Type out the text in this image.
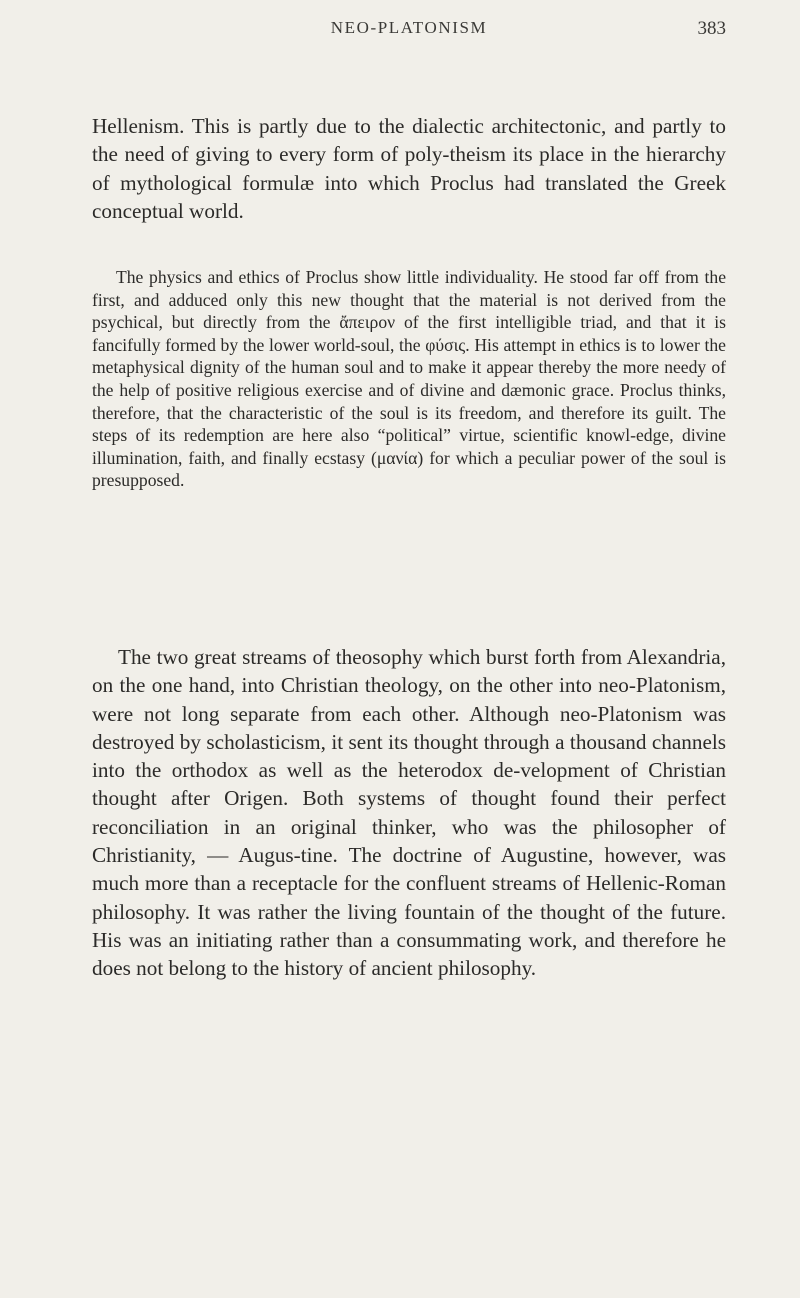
NEO-PLATONISM	383

Hellenism. This is partly due to the dialectic architectonic, and partly to the need of giving to every form of poly-theism its place in the hierarchy of mythological formulæ into which Proclus had translated the Greek conceptual world.

The physics and ethics of Proclus show little individuality. He stood far off from the first, and adduced only this new thought that the material is not derived from the psychical, but directly from the ἄπειρον of the first intelligible triad, and that it is fancifully formed by the lower world-soul, the φύσις. His attempt in ethics is to lower the metaphysical dignity of the human soul and to make it appear thereby the more needy of the help of positive religious exercise and of divine and dæmonic grace. Proclus thinks, therefore, that the characteristic of the soul is its freedom, and therefore its guilt. The steps of its redemption are here also “political” virtue, scientific knowl-edge, divine illumination, faith, and finally ecstasy (μανία) for which a peculiar power of the soul is presupposed.

The two great streams of theosophy which burst forth from Alexandria, on the one hand, into Christian theology, on the other into neo-Platonism, were not long separate from each other. Although neo-Platonism was destroyed by scholasticism, it sent its thought through a thousand channels into the orthodox as well as the heterodox de-velopment of Christian thought after Origen. Both systems of thought found their perfect reconciliation in an original thinker, who was the philosopher of Christianity, — Augus-tine. The doctrine of Augustine, however, was much more than a receptacle for the confluent streams of Hellenic-Roman philosophy. It was rather the living fountain of the thought of the future. His was an initiating rather than a consummating work, and therefore he does not belong to the history of ancient philosophy.
